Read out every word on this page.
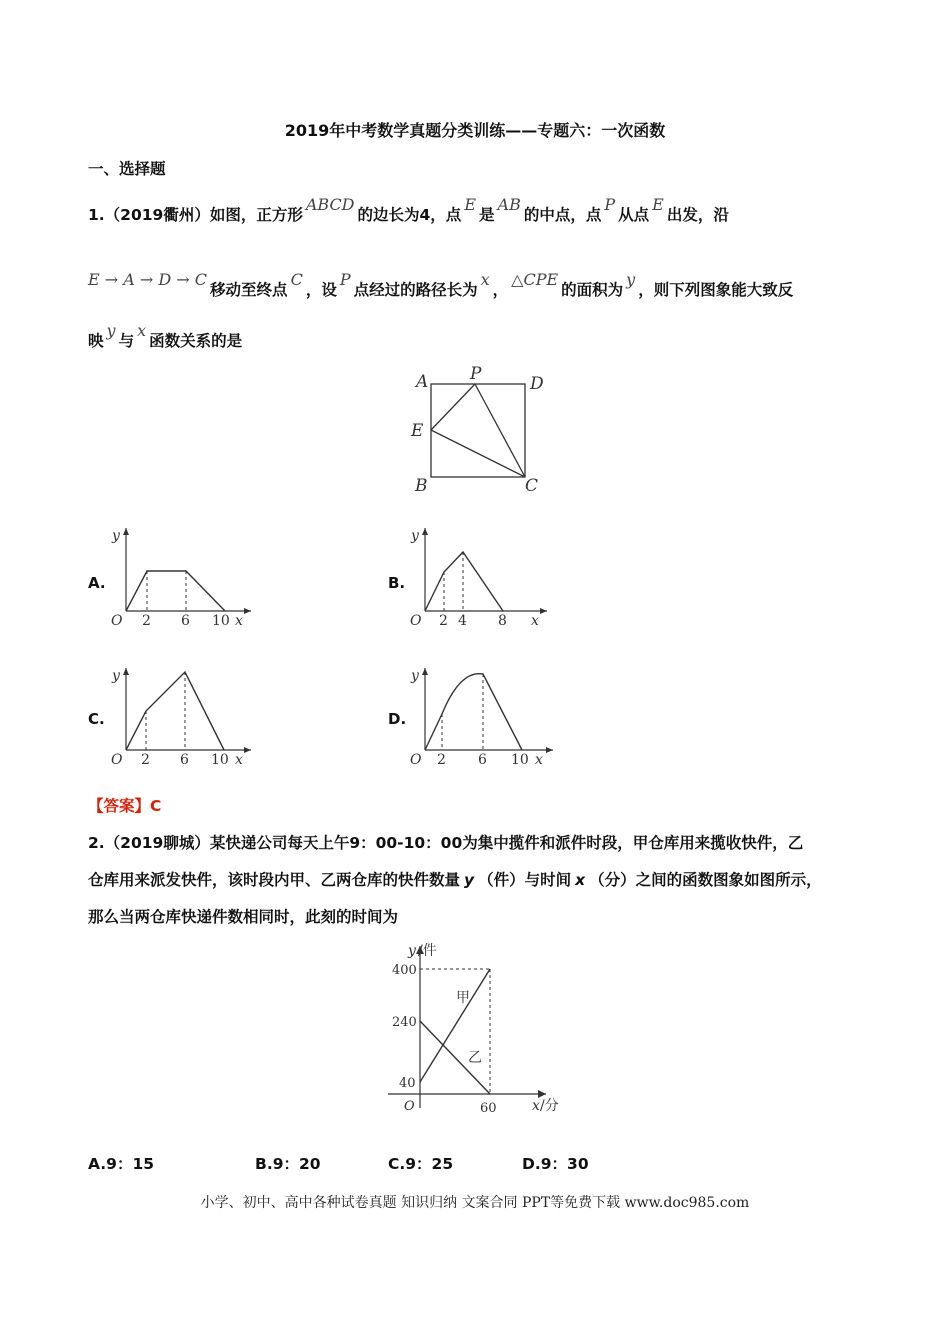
2019年中考数学真题分类训练——专题六：一次函数
一、选择题
1.（2019衢州）如图，正方形ABCD的边长为4，点E是AB的中点，点P从点E出发，沿
E → A → D → C移动至终点C，设P点经过的路径长为x，△CPE的面积为y，则下列图象能大致反
映y与x函数关系的是
A P	D
E
B	C
A.
y
O 2 6 10 x
B.
y
O 2 4 8 x
C.
y
O 2 6 10 x
D.
y
O 2 6 10 x
【答案】C
2.（2019聊城）某快递公司每天上午9：00-10：00为集中揽件和派件时段，甲仓库用来揽收快件，乙
仓库用来派发快件，该时段内甲、乙两仓库的快件数量 y （件）与时间 x （分）之间的函数图象如图所示，
那么当两仓库快递件数相同时，此刻的时间为
y /件
400
240
40
O	60	x /分
甲
乙
A.9：15	B.9：20	C.9：25	D.9：30
小学、初中、高中各种试卷真题 知识归纳 文案合同 PPT等免费下载 www.doc985.com
